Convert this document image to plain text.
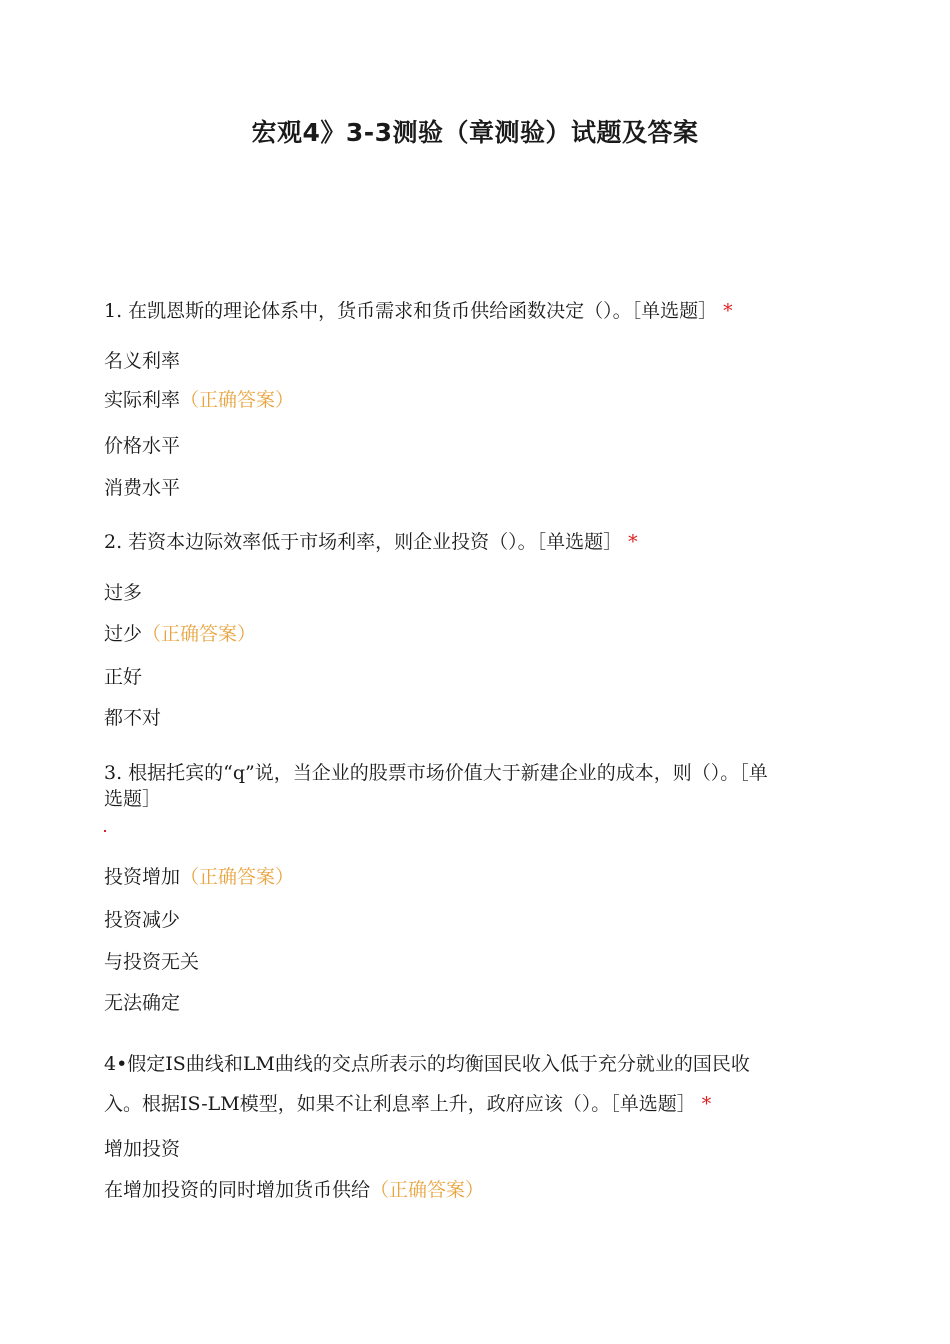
宏观4》3-3测验（章测验）试题及答案
1. 在凯恩斯的理论体系中，货币需求和货币供给函数决定（）。［单选题］ *
名义利率
实际利率（正确答案）
价格水平
消费水平
2. 若资本边际效率低于市场利率，则企业投资（）。［单选题］ *
过多
过少（正确答案）
正好
都不对
3. 根据托宾的“q”说，当企业的股票市场价值大于新建企业的成本，则（）。［单
选题］
投资增加（正确答案）
投资减少
与投资无关
无法确定
4•假定IS曲线和LM曲线的交点所表示的均衡国民收入低于充分就业的国民收
入。根据IS-LM模型，如果不让利息率上升，政府应该（）。［单选题］ *
增加投资
在增加投资的同时增加货币供给（正确答案）
